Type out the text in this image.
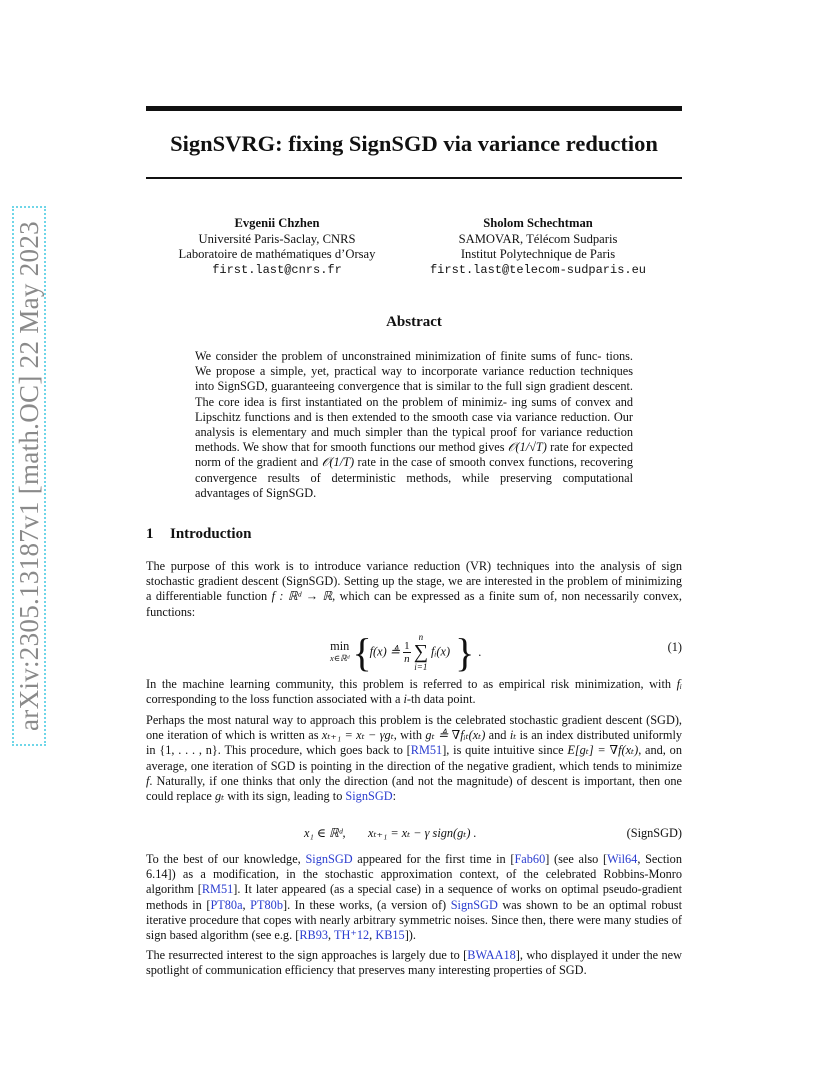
arXiv:2305.13187v1 [math.OC] 22 May 2023
SignSVRG: fixing SignSGD via variance reduction
Evgenii Chzhen
Université Paris-Saclay, CNRS
Laboratoire de mathématiques d’Orsay
first.last@cnrs.fr
Sholom Schechtman
SAMOVAR, Télécom Sudparis
Institut Polytechnique de Paris
first.last@telecom-sudparis.eu
Abstract

We consider the problem of unconstrained minimization of finite sums of func- tions. We propose a simple, yet, practical way to incorporate variance reduction techniques into SignSGD, guaranteeing convergence that is similar to the full sign gradient descent. The core idea is first instantiated on the problem of minimiz- ing sums of convex and Lipschitz functions and is then extended to the smooth case via variance reduction. Our analysis is elementary and much simpler than the typical proof for variance reduction methods. We show that for smooth functions our method gives 𝒪(1/√T) rate for expected norm of the gradient and 𝒪(1/T) rate in the case of smooth convex functions, recovering convergence results of deterministic methods, while preserving computational advantages of SignSGD.

1 Introduction

The purpose of this work is to introduce variance reduction (VR) techniques into the analysis of sign stochastic gradient descent (SignSGD). Setting up the stage, we are interested in the problem of minimizing a differentiable function f : ℝᵈ → ℝ, which can be expressed as a finite sum of, non necessarily convex, functions:

min
x∈ℝᵈ
{
f(x) ≜ $\frac{1}{n}$ n
∑
i=1 fᵢ(x) } .	(1)

In the machine learning community, this problem is referred to as empirical risk minimization, with fᵢ corresponding to the loss function associated with a i-th data point.

Perhaps the most natural way to approach this problem is the celebrated stochastic gradient descent (SGD), one iteration of which is written as xₜ₊₁ = xₜ − γgₜ, with gₜ ≜ ∇fᵢₜ(xₜ) and iₜ is an index distributed uniformly in {1, . . . , n}. This procedure, which goes back to [RM51], is quite intuitive since E[gₜ] = ∇f(xₜ), and, on average, one iteration of SGD is pointing in the direction of the negative gradient, which tends to minimize f. Naturally, if one thinks that only the direction (and not the magnitude) of descent is important, then one could replace gₜ with its sign, leading to SignSGD:

x₁ ∈ ℝᵈ, xₜ₊₁ = xₜ − γ sign(gₜ) .	(SignSGD)

To the best of our knowledge, SignSGD appeared for the first time in [Fab60] (see also [Wil64, Section 6.14]) as a modification, in the stochastic approximation context, of the celebrated Robbins-Monro algorithm [RM51]. It later appeared (as a special case) in a sequence of works on optimal pseudo-gradient methods in [PT80a, PT80b]. In these works, (a version of) SignSGD was shown to be an optimal robust iterative procedure that copes with nearly arbitrary symmetric noises. Since then, there were many studies of sign based algorithm (see e.g. [RB93, TH⁺12, KB15]).

The resurrected interest to the sign approaches is largely due to [BWAA18], who displayed it under the new spotlight of communication efficiency that preserves many interesting properties of SGD.
